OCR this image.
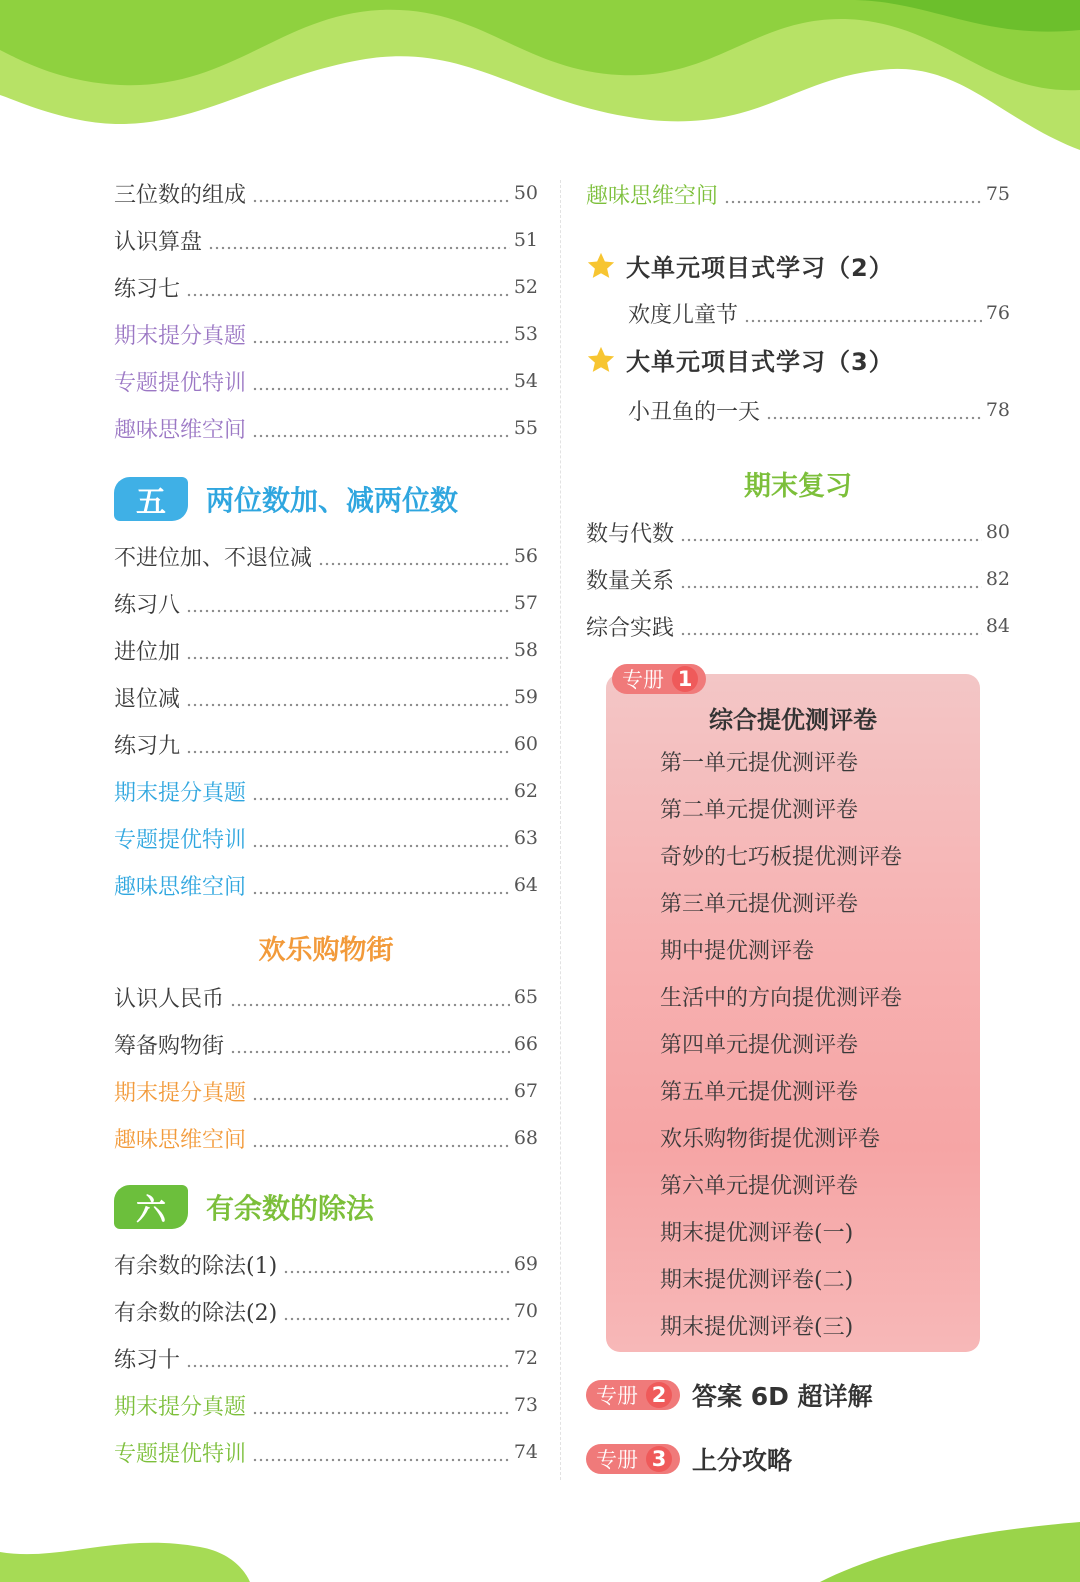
三位数的组成	50
认识算盘	51
练习七	52
期末提分真题	53
专题提优特训	54
趣味思维空间	55
五	两位数加、减两位数
不进位加、不退位减	56
练习八	57
进位加	58
退位减	59
练习九	60
期末提分真题	62
专题提优特训	63
趣味思维空间	64
欢乐购物街
认识人民币	65
筹备购物街	66
期末提分真题	67
趣味思维空间	68
六	有余数的除法
有余数的除法(1)	69
有余数的除法(2)	70
练习十	72
期末提分真题	73
专题提优特训	74
趣味思维空间	75
大单元项目式学习（2）
欢度儿童节	76
大单元项目式学习（3）
小丑鱼的一天	78
期末复习
数与代数	80
数量关系	82
综合实践	84
专册 1
综合提优测评卷
第一单元提优测评卷
第二单元提优测评卷
奇妙的七巧板提优测评卷
第三单元提优测评卷
期中提优测评卷
生活中的方向提优测评卷
第四单元提优测评卷
第五单元提优测评卷
欢乐购物街提优测评卷
第六单元提优测评卷
期末提优测评卷(一)
期末提优测评卷(二)
期末提优测评卷(三)
专册 2 答案 6D 超详解
专册 3 上分攻略
